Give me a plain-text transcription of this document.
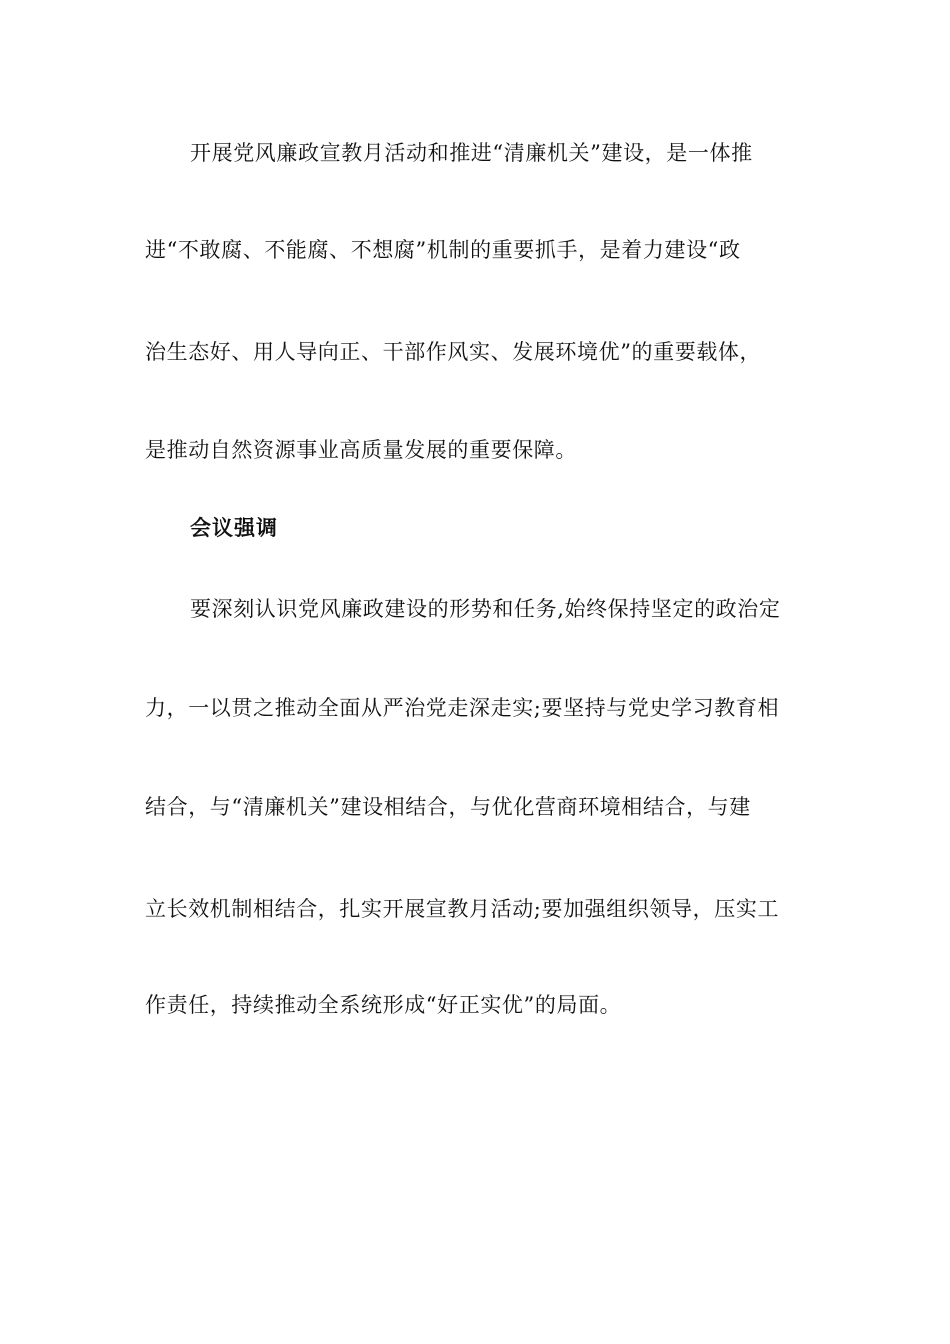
开展党风廉政宣教月活动和推进“清廉机关”建设，是一体推
进“不敢腐、不能腐、不想腐”机制的重要抓手，是着力建设“政
治生态好、用人导向正、干部作风实、发展环境优”的重要载体，
是推动自然资源事业高质量发展的重要保障。
会议强调
要深刻认识党风廉政建设的形势和任务,始终保持坚定的政治定
力，一以贯之推动全面从严治党走深走实;要坚持与党史学习教育相
结合，与“清廉机关”建设相结合，与优化营商环境相结合，与建
立长效机制相结合，扎实开展宣教月活动;要加强组织领导，压实工
作责任，持续推动全系统形成“好正实优”的局面。
